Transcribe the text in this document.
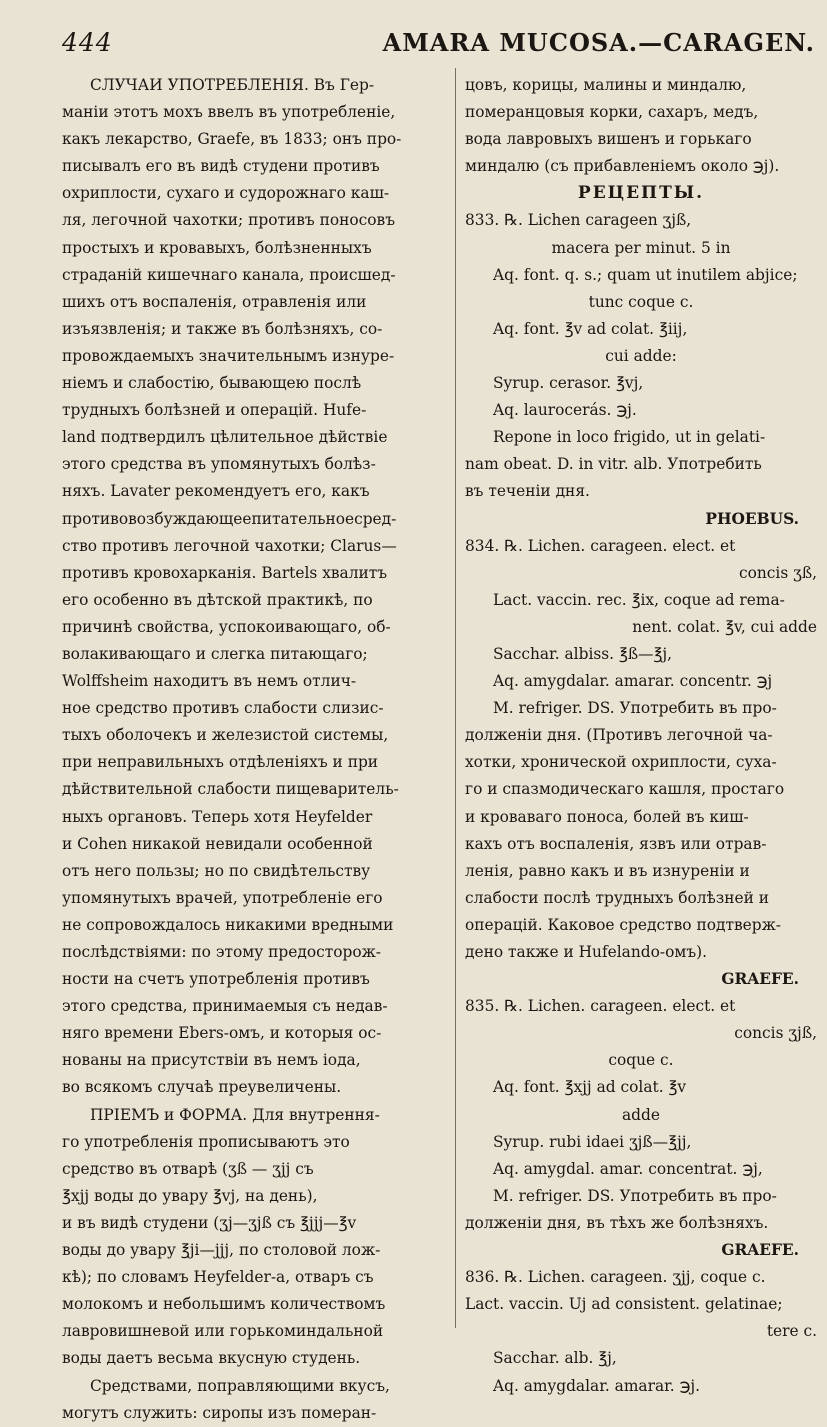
444	AMARA MUCOSA.—CARAGEN.
СЛУЧАИ УПОТРЕБЛЕНІЯ. Въ Гер-
маніи этотъ мохъ ввелъ въ употребленіе,
какъ лекарство, Graefe, въ 1833; онъ про-
писывалъ его въ видѣ студени противъ
охриплости, сухаго и судорожнаго каш-
ля, легочной чахотки; противъ поносовъ
простыхъ и кровавыхъ, болѣзненныхъ
страданій кишечнаго канала, происшед-
шихъ отъ воспаленія, отравленія или
изъязвленія; и также въ болѣзняхъ, со-
провождаемыхъ значительнымъ изнуре-
ніемъ и слабостію, бывающею послѣ
трудныхъ болѣзней и операцій. Hufe-
land подтвердилъ цѣлительное дѣйствіе
этого средства въ упомянутыхъ болѣз-
няхъ. Lavater рекомендуетъ его, какъ
противовозбуждающеепитательноеcред-
ство противъ легочной чахотки; Clarus—
противъ кровохарканія. Bartels хвалитъ
его особенно въ дѣтской практикѣ, по
причинѣ свойства, успокоивающаго, об-
волакивающаго и слегка питающаго;
Wolffsheim находитъ въ немъ отлич-
ное средство противъ слабости слизис-
тыхъ оболочекъ и железистой системы,
при неправильныхъ отдѣленіяхъ и при
дѣйствительной слабости пищеваритель-
ныхъ органовъ. Теперь хотя Heyfelder
и Cohen никакой невидали особенной
отъ него пользы; но по свидѣтельству
упомянутыхъ врачей, употребленіе его
не сопровождалось никакими вредными
послѣдствіями: по этому предосторож-
ности на счетъ употребленія противъ
этого средства, принимаемыя съ недав-
няго времени Ebers-омъ, и которыя ос-
нованы на присутствіи въ немъ іода,
во всякомъ случаѣ преувеличены.
ПРІЕМЪ и ФОРМА. Для внутрення-
го употребленія прописываютъ это
средство въ отварѣ (ʒß — ʒjj съ
℥xjj воды до увару ℥vj, на день),
и въ видѣ студени (ʒj—ʒjß съ ℥jjj—℥v
воды до увару ℥ji—jjj, по столовой лож-
кѣ); по словамъ Heyfelder-а, отваръ съ
молокомъ и небольшимъ количествомъ
лавровишневой или горькоминдальной
воды даетъ весьма вкусную студень.
Средствами, поправляющими вкусъ,
могутъ служить: сиропы изъ померан-
цовъ, корицы, малины и миндалю,
померанцовыя корки, сахаръ, медъ,
вода лавровыхъ вишенъ и горькаго
миндалю (съ прибавленіемъ около ℈j).
РЕЦЕПТЫ.
833. ℞. Lichen carageen ʒjß,
macera per minut. 5 in
Aq. font. q. s.; quam ut inutilem abjice;
tunc coque c.
Aq. font. ℥v ad colat. ℥iij,
cui adde:
Syrup. cerasor. ℥vj,
Aq. laurocerás. ℈j.
Repone in loco frigido, ut in gelati-
nam obeat. D. in vitr. alb. Употребить
въ теченіи дня.
PHOEBUS.
834. ℞. Lichen. carageen. elect. et
concis ʒß,
Lact. vaccin. rec. ℥ix, coque ad rema-
nent. colat. ℥v, cui adde
Sacchar. albiss. ℥ß—℥j,
Aq. amygdalar. amarar. concentr. ℈j
M. refriger. DS. Употребить въ про-
долженіи дня. (Противъ легочной ча-
хотки, хронической охриплости, суха-
го и спазмодическаго кашля, простаго
и кроваваго поноса, болей въ киш-
кахъ отъ воспаленія, язвъ или отрав-
ленія, равно какъ и въ изнуреніи и
слабости послѣ трудныхъ болѣзней и
операцій. Каковое средство подтверж-
дено также и Hufelando-омъ).
GRAEFE.
835. ℞. Lichen. carageen. elect. et
concis ʒjß,
coque c.
Aq. font. ℥xjj ad colat. ℥v
adde
Syrup. rubi idaei ʒjß—℥jj,
Aq. amygdal. amar. concentrat. ℈j,
M. refriger. DS. Употребить въ про-
долженіи дня, въ тѣхъ же болѣзняхъ.
GRAEFE.
836. ℞. Lichen. carageen. ʒjj, coque c.
Lact. vaccin. Uj ad consistent. gelatinae;
tere c.
Sacchar. alb. ℥j,
Aq. amygdalar. amarar. ℈j.
